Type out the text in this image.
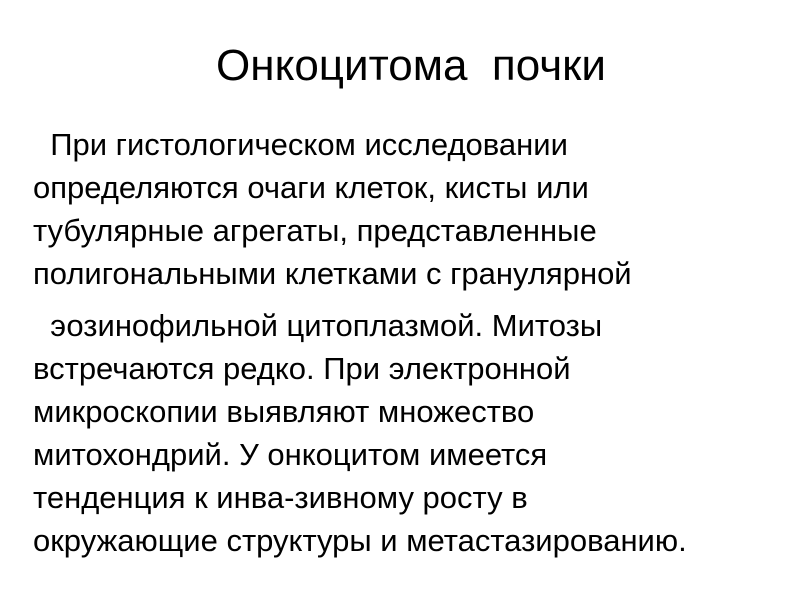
Онкоцитома  почки
При гистологическом исследовании
определяются очаги клеток, кисты или
тубулярные агрегаты, представленные
полигональными клетками с гранулярной
эозинофильной цитоплазмой. Митозы
встречаются редко. При электронной
микроскопии выявляют множество
митохондрий. У онкоцитом имеется
тенденция к инва-зивному росту в
окружающие структуры и метастазированию.
